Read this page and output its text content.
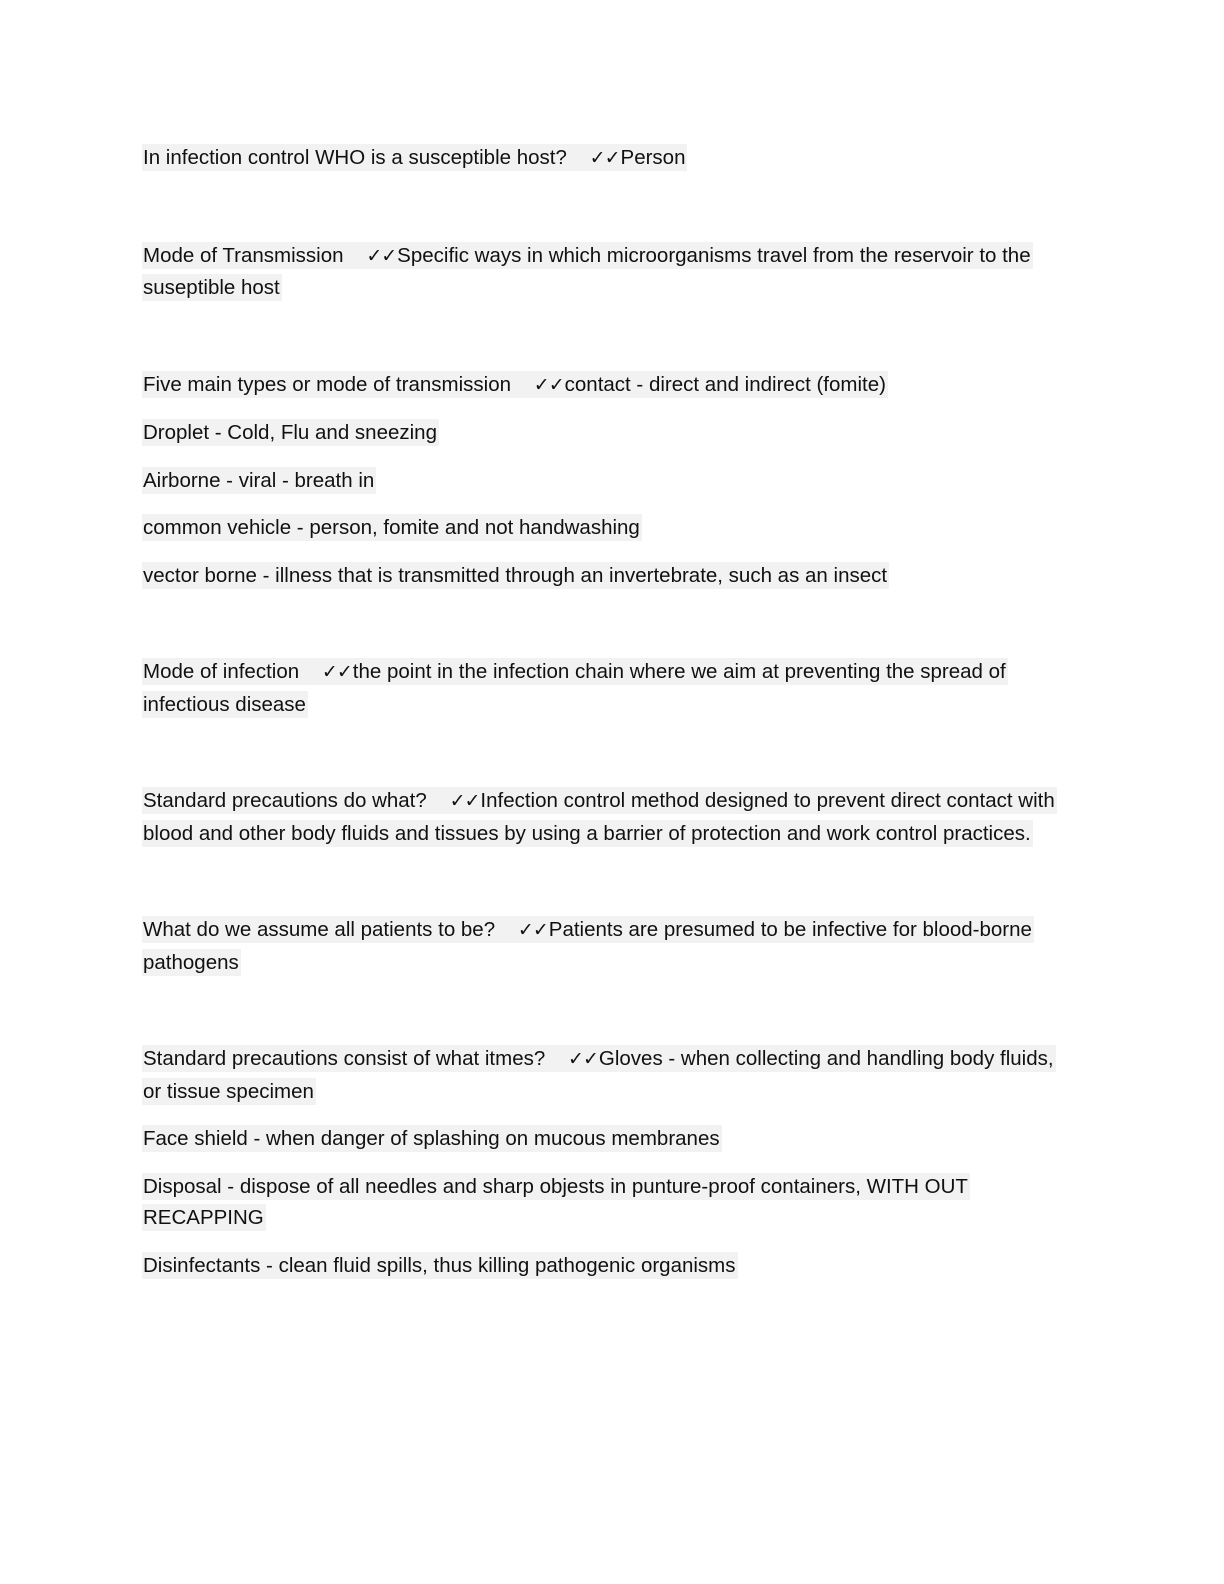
In infection control WHO is a susceptible host? ✓✓Person

Mode of Transmission ✓✓Specific ways in which microorganisms travel from the reservoir to the suseptible host

Five main types or mode of transmission ✓✓contact - direct and indirect (fomite)

Droplet - Cold, Flu and sneezing

Airborne - viral - breath in

common vehicle - person, fomite and not handwashing

vector borne - illness that is transmitted through an invertebrate, such as an insect

Mode of infection ✓✓the point in the infection chain where we aim at preventing the spread of infectious disease

Standard precautions do what? ✓✓Infection control method designed to prevent direct contact with blood and other body fluids and tissues by using a barrier of protection and work control practices.

What do we assume all patients to be? ✓✓Patients are presumed to be infective for blood-borne pathogens

Standard precautions consist of what itmes? ✓✓Gloves - when collecting and handling body fluids, or tissue specimen

Face shield - when danger of splashing on mucous membranes

Disposal - dispose of all needles and sharp objests in punture-proof containers, WITH OUT RECAPPING

Disinfectants - clean fluid spills, thus killing pathogenic organisms
